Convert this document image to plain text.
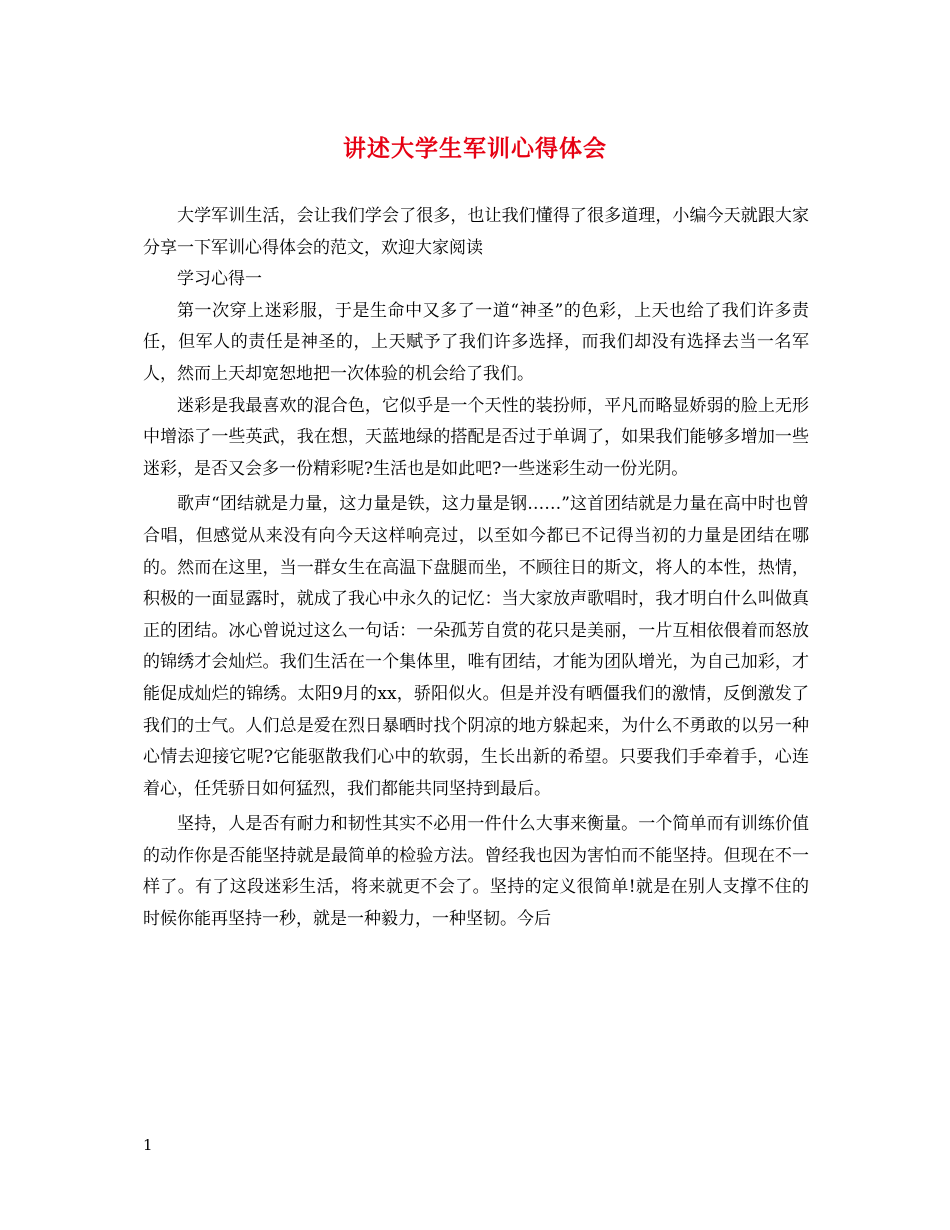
讲述大学生军训心得体会

大学军训生活，会让我们学会了很多，也让我们懂得了很多道理，小编今天就跟大家分享一下军训心得体会的范文，欢迎大家阅读

学习心得一

第一次穿上迷彩服，于是生命中又多了一道“神圣”的色彩，上天也给了我们许多责任，但军人的责任是神圣的，上天赋予了我们许多选择，而我们却没有选择去当一名军人，然而上天却宽恕地把一次体验的机会给了我们。

迷彩是我最喜欢的混合色，它似乎是一个天性的装扮师，平凡而略显娇弱的脸上无形中增添了一些英武，我在想，天蓝地绿的搭配是否过于单调了，如果我们能够多增加一些迷彩，是否又会多一份精彩呢?生活也是如此吧?一些迷彩生动一份光阴。

歌声“团结就是力量，这力量是铁，这力量是钢……”这首团结就是力量在高中时也曾合唱，但感觉从来没有向今天这样响亮过，以至如今都已不记得当初的力量是团结在哪的。然而在这里，当一群女生在高温下盘腿而坐，不顾往日的斯文，将人的本性，热情，积极的一面显露时，就成了我心中永久的记忆：当大家放声歌唱时，我才明白什么叫做真正的团结。冰心曾说过这么一句话：一朵孤芳自赏的花只是美丽，一片互相依偎着而怒放的锦绣才会灿烂。我们生活在一个集体里，唯有团结，才能为团队增光，为自己加彩，才能促成灿烂的锦绣。太阳9月的xx，骄阳似火。但是并没有晒僵我们的激情，反倒激发了我们的士气。人们总是爱在烈日暴晒时找个阴凉的地方躲起来，为什么不勇敢的以另一种心情去迎接它呢?它能驱散我们心中的软弱，生长出新的希望。只要我们手牵着手，心连着心，任凭骄日如何猛烈，我们都能共同坚持到最后。

坚持，人是否有耐力和韧性其实不必用一件什么大事来衡量。一个简单而有训练价值的动作你是否能坚持就是最简单的检验方法。曾经我也因为害怕而不能坚持。但现在不一样了。有了这段迷彩生活，将来就更不会了。坚持的定义很简单!就是在别人支撑不住的时候你能再坚持一秒，就是一种毅力，一种坚韧。今后

1
